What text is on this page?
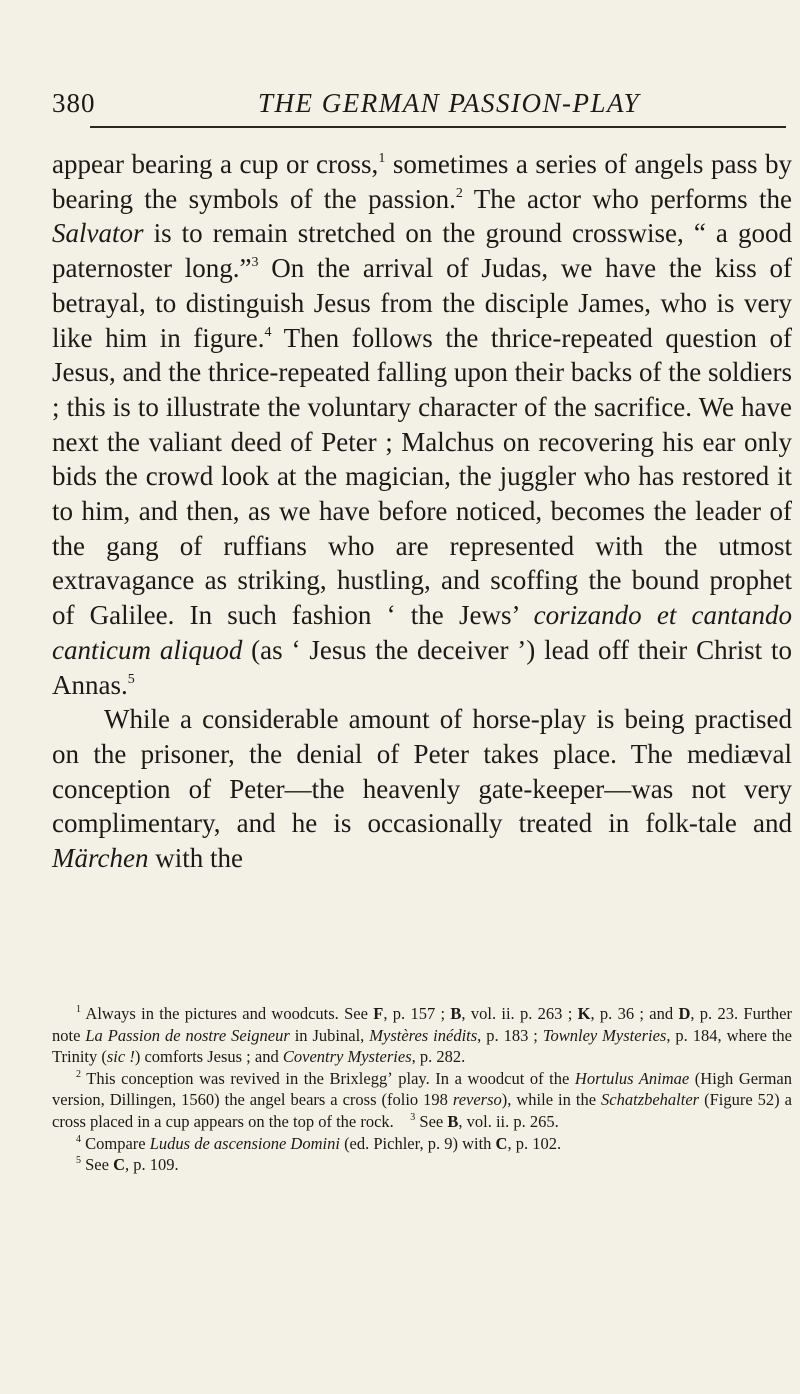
380	THE GERMAN PASSION-PLAY

appear bearing a cup or cross,$^1$ sometimes a series of angels pass by bearing the symbols of the passion.$^2$ The actor who performs the Salvator is to remain stretched on the ground crosswise, “ a good paternoster long.”$^3$ On the arrival of Judas, we have the kiss of betrayal, to distinguish Jesus from the disciple James, who is very like him in figure.$^4$ Then follows the thrice-repeated question of Jesus, and the thrice-repeated falling upon their backs of the soldiers ; this is to illustrate the voluntary character of the sacrifice. We have next the valiant deed of Peter ; Malchus on recovering his ear only bids the crowd look at the magician, the juggler who has restored it to him, and then, as we have before noticed, becomes the leader of the gang of ruffians who are represented with the utmost extravagance as striking, hustling, and scoffing the bound prophet of Galilee. In such fashion ‘ the Jews’ corizando et cantando canticum aliquod (as ‘ Jesus the deceiver ’) lead off their Christ to Annas.$^5$

While a considerable amount of horse-play is being practised on the prisoner, the denial of Peter takes place. The mediæval conception of Peter—the heavenly gate-keeper—was not very complimentary, and he is occasionally treated in folk-tale and Märchen with the

$^1$ Always in the pictures and woodcuts. See F, p. 157 ; B, vol. ii. p. 263 ; K, p. 36 ; and D, p. 23. Further note La Passion de nostre Seigneur in Jubinal, Mystères inédits, p. 183 ; Townley Mysteries, p. 184, where the Trinity (sic !) comforts Jesus ; and Coventry Mysteries, p. 282.

$^2$ This conception was revived in the Brixleggʼ play. In a woodcut of the Hortulus Animae (High German version, Dillingen, 1560) the angel bears a cross (folio 198 reverso), while in the Schatzbehalter (Figure 52) a cross placed in a cup appears on the top of the rock. $^3$ See B, vol. ii. p. 265.

$^4$ Compare Ludus de ascensione Domini (ed. Pichler, p. 9) with C, p. 102.

$^5$ See C, p. 109.
